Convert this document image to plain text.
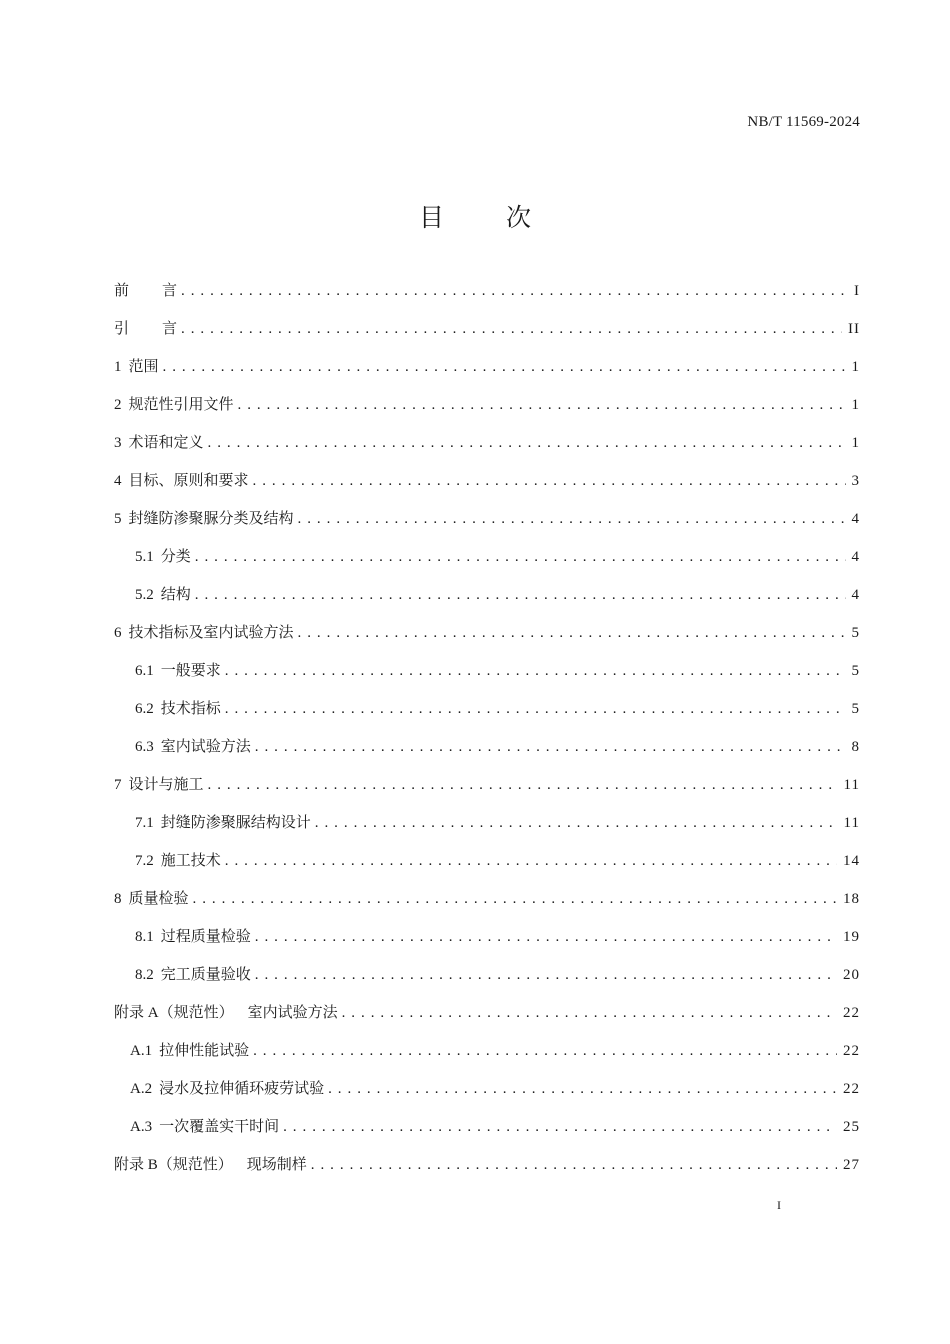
NB/T 11569-2024
目 次
前 言 . . .	I
引 言 . . .	II
1 范围 . . .	1
2 规范性引用文件 . . .	1
3 术语和定义 . . .	1
4 目标、原则和要求 . . .	3
5 封缝防渗聚脲分类及结构 . . .	4
5.1 分类 . . .	4
5.2 结构 . . .	4
6 技术指标及室内试验方法 . . .	5
6.1 一般要求 . . .	5
6.2 技术指标 . . .	5
6.3 室内试验方法 . . .	8
7 设计与施工 . . .	11
7.1 封缝防渗聚脲结构设计 . . .	11
7.2 施工技术 . . .	14
8 质量检验 . . .	18
8.1 过程质量检验 . . .	19
8.2 完工质量验收 . . .	20
附录 A（规范性） 室内试验方法 . . .	22
A.1 拉伸性能试验 . . .	22
A.2 浸水及拉伸循环疲劳试验 . . .	22
A.3 一次覆盖实干时间 . . .	25
附录 B（规范性） 现场制样 . . .	27
I
